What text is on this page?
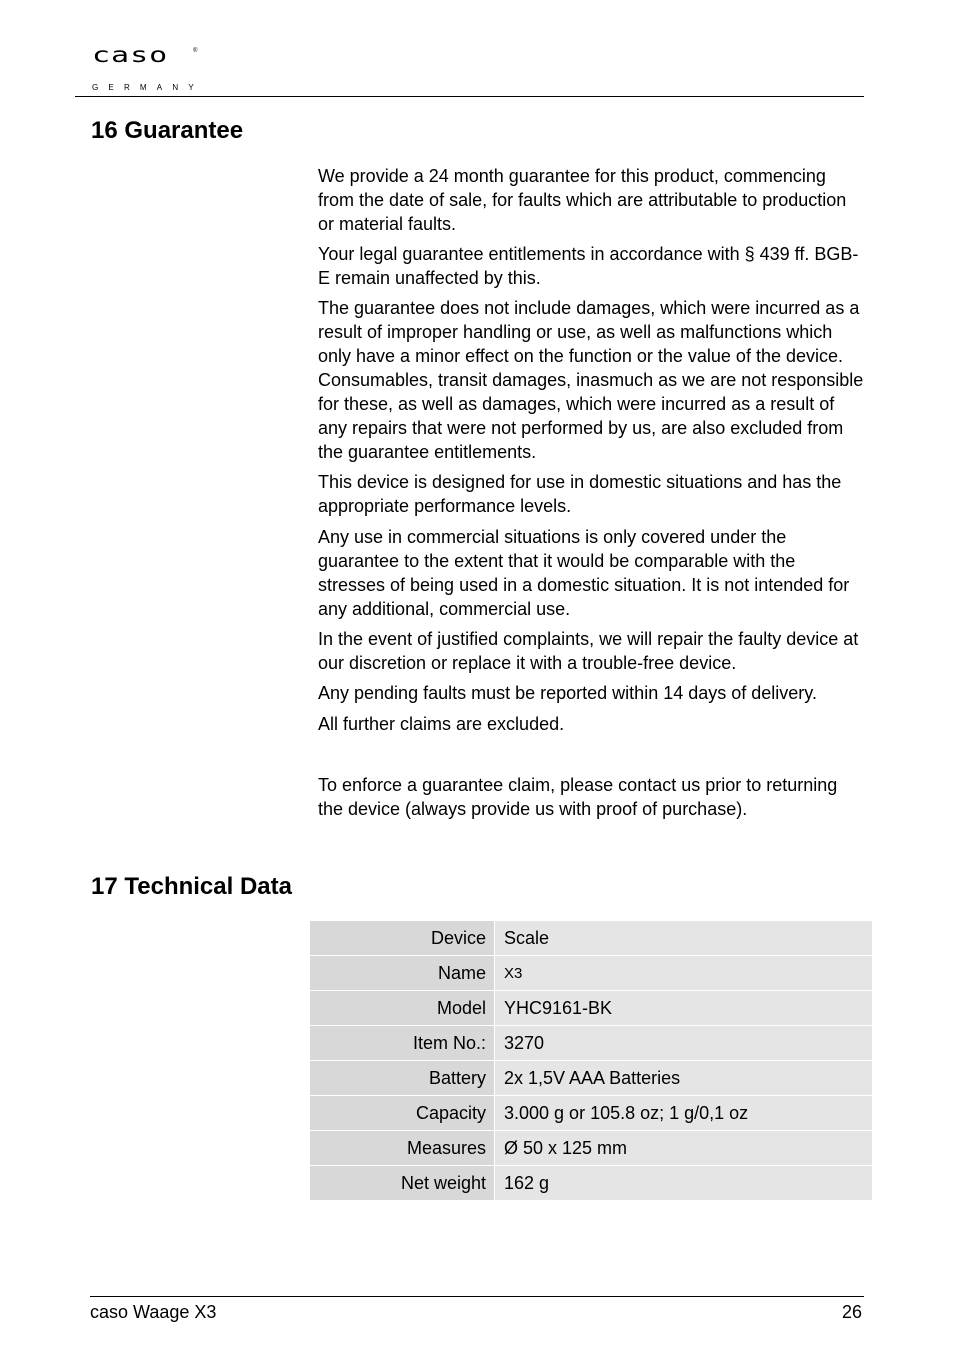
caso	®
GERMANY
16 Guarantee

We provide a 24 month guarantee for this product, commencing from the date of sale, for faults which are attributable to production or material faults.

Your legal guarantee entitlements in accordance with § 439 ff. BGB-E remain unaffected by this.

The guarantee does not include damages, which were incurred as a result of improper handling or use, as well as malfunctions which only have a minor effect on the function or the value of the device. Consumables, transit damages, inasmuch as we are not responsible for these, as well as damages, which were incurred as a result of any repairs that were not performed by us, are also excluded from the guarantee entitlements.

This device is designed for use in domestic situations and has the appropriate performance levels.

Any use in commercial situations is only covered under the guarantee to the extent that it would be comparable with the stresses of being used in a domestic situation. It is not intended for any additional, commercial use.

In the event of justified complaints, we will repair the faulty device at our discretion or replace it with a trouble-free device.

Any pending faults must be reported within 14 days of delivery.

All further claims are excluded.

To enforce a guarantee claim, please contact us prior to returning the device (always provide us with proof of purchase).

17 Technical Data
Device	Scale
Name	X3
Model	YHC9161-BK
Item No.:	3270
Battery	2x 1,5V AAA Batteries
Capacity	3.000 g or 105.8 oz; 1 g/0,1 oz
Measures	Ø 50 x 125 mm
Net weight	162 g
caso Waage X3	26
